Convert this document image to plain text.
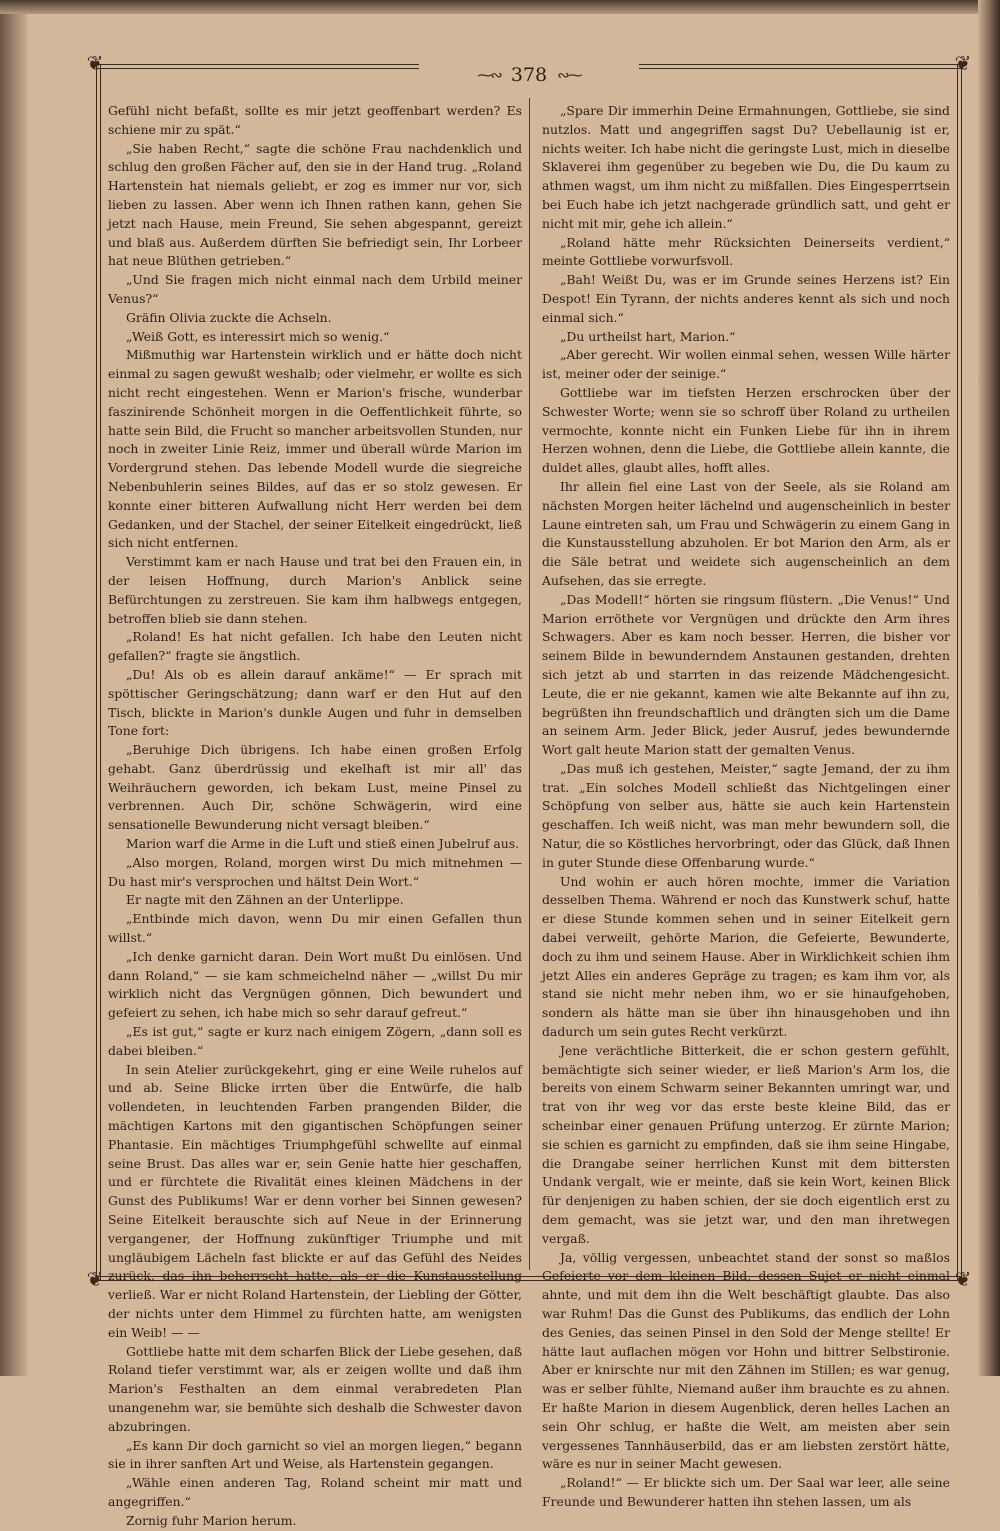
❦	❦
❦	❦
⁓∾ 378 ∾⁓

Gefühl nicht befaßt, sollte es mir jetzt geoffenbart werden? Es schiene mir zu spät.“

„Sie haben Recht,“ sagte die schöne Frau nachdenklich und schlug den großen Fächer auf, den sie in der Hand trug. „Roland Hartenstein hat niemals geliebt, er zog es immer nur vor, sich lieben zu lassen. Aber wenn ich Ihnen rathen kann, gehen Sie jetzt nach Hause, mein Freund, Sie sehen abgespannt, gereizt und blaß aus. Außerdem dürften Sie befriedigt sein, Ihr Lorbeer hat neue Blüthen getrieben.“

„Und Sie fragen mich nicht einmal nach dem Urbild meiner Venus?“

Gräfin Olivia zuckte die Achseln.

„Weiß Gott, es interessirt mich so wenig.“

Mißmuthig war Hartenstein wirklich und er hätte doch nicht einmal zu sagen gewußt weshalb; oder vielmehr, er wollte es sich nicht recht eingestehen. Wenn er Marion's frische, wunderbar faszinirende Schönheit morgen in die Oeffentlichkeit führte, so hatte sein Bild, die Frucht so mancher arbeitsvollen Stunden, nur noch in zweiter Linie Reiz, immer und überall würde Marion im Vordergrund stehen. Das lebende Modell wurde die siegreiche Nebenbuhlerin seines Bildes, auf das er so stolz gewesen. Er konnte einer bitteren Aufwallung nicht Herr werden bei dem Gedanken, und der Stachel, der seiner Eitelkeit eingedrückt, ließ sich nicht entfernen.

Verstimmt kam er nach Hause und trat bei den Frauen ein, in der leisen Hoffnung, durch Marion's Anblick seine Befürchtungen zu zerstreuen. Sie kam ihm halbwegs entgegen, betroffen blieb sie dann stehen.

„Roland! Es hat nicht gefallen. Ich habe den Leuten nicht gefallen?“ fragte sie ängstlich.

„Du! Als ob es allein darauf ankäme!“ — Er sprach mit spöttischer Geringschätzung; dann warf er den Hut auf den Tisch, blickte in Marion's dunkle Augen und fuhr in demselben Tone fort:

„Beruhige Dich übrigens. Ich habe einen großen Erfolg gehabt. Ganz überdrüssig und ekelhaft ist mir all' das Weihräuchern geworden, ich bekam Lust, meine Pinsel zu verbrennen. Auch Dir, schöne Schwägerin, wird eine sensationelle Bewunderung nicht versagt bleiben.“

Marion warf die Arme in die Luft und stieß einen Jubelruf aus.

„Also morgen, Roland, morgen wirst Du mich mitnehmen — Du hast mir's versprochen und hältst Dein Wort.“

Er nagte mit den Zähnen an der Unterlippe.

„Entbinde mich davon, wenn Du mir einen Gefallen thun willst.“

„Ich denke garnicht daran. Dein Wort mußt Du einlösen. Und dann Roland,“ — sie kam schmeichelnd näher — „willst Du mir wirklich nicht das Vergnügen gönnen, Dich bewundert und gefeiert zu sehen, ich habe mich so sehr darauf gefreut.“

„Es ist gut,“ sagte er kurz nach einigem Zögern, „dann soll es dabei bleiben.“

In sein Atelier zurückgekehrt, ging er eine Weile ruhelos auf und ab. Seine Blicke irrten über die Entwürfe, die halb vollendeten, in leuchtenden Farben prangenden Bilder, die mächtigen Kartons mit den gigantischen Schöpfungen seiner Phantasie. Ein mächtiges Triumphgefühl schwellte auf einmal seine Brust. Das alles war er, sein Genie hatte hier geschaffen, und er fürchtete die Rivalität eines kleinen Mädchens in der Gunst des Publikums! War er denn vorher bei Sinnen gewesen? Seine Eitelkeit berauschte sich auf Neue in der Erinnerung vergangener, der Hoffnung zukünftiger Triumphe und mit ungläubigem Lächeln fast blickte er auf das Gefühl des Neides zurück, das ihn beherrscht hatte, als er die Kunstausstellung verließ. War er nicht Roland Hartenstein, der Liebling der Götter, der nichts unter dem Himmel zu fürchten hatte, am wenigsten ein Weib! — —

Gottliebe hatte mit dem scharfen Blick der Liebe gesehen, daß Roland tiefer verstimmt war, als er zeigen wollte und daß ihm Marion's Festhalten an dem einmal verabredeten Plan unangenehm war, sie bemühte sich deshalb die Schwester davon abzubringen.

„Es kann Dir doch garnicht so viel an morgen liegen,“ begann sie in ihrer sanften Art und Weise, als Hartenstein gegangen.

„Wähle einen anderen Tag, Roland scheint mir matt und angegriffen.“

Zornig fuhr Marion herum.

„Spare Dir immerhin Deine Ermahnungen, Gottliebe, sie sind nutzlos. Matt und angegriffen sagst Du? Uebellaunig ist er, nichts weiter. Ich habe nicht die geringste Lust, mich in dieselbe Sklaverei ihm gegenüber zu begeben wie Du, die Du kaum zu athmen wagst, um ihm nicht zu mißfallen. Dies Eingesperrtsein bei Euch habe ich jetzt nachgerade gründlich satt, und geht er nicht mit mir, gehe ich allein.“

„Roland hätte mehr Rücksichten Deinerseits verdient,“ meinte Gottliebe vorwurfsvoll.

„Bah! Weißt Du, was er im Grunde seines Herzens ist? Ein Despot! Ein Tyrann, der nichts anderes kennt als sich und noch einmal sich.“

„Du urtheilst hart, Marion.“

„Aber gerecht. Wir wollen einmal sehen, wessen Wille härter ist, meiner oder der seinige.“

Gottliebe war im tiefsten Herzen erschrocken über der Schwester Worte; wenn sie so schroff über Roland zu urtheilen vermochte, konnte nicht ein Funken Liebe für ihn in ihrem Herzen wohnen, denn die Liebe, die Gottliebe allein kannte, die duldet alles, glaubt alles, hofft alles.

Ihr allein fiel eine Last von der Seele, als sie Roland am nächsten Morgen heiter lächelnd und augenscheinlich in bester Laune eintreten sah, um Frau und Schwägerin zu einem Gang in die Kunstausstellung abzuholen. Er bot Marion den Arm, als er die Säle betrat und weidete sich augenscheinlich an dem Aufsehen, das sie erregte.

„Das Modell!“ hörten sie ringsum flüstern. „Die Venus!“ Und Marion erröthete vor Vergnügen und drückte den Arm ihres Schwagers. Aber es kam noch besser. Herren, die bisher vor seinem Bilde in bewunderndem Anstaunen gestanden, drehten sich jetzt ab und starrten in das reizende Mädchengesicht. Leute, die er nie gekannt, kamen wie alte Bekannte auf ihn zu, begrüßten ihn freundschaftlich und drängten sich um die Dame an seinem Arm. Jeder Blick, jeder Ausruf, jedes bewundernde Wort galt heute Marion statt der gemalten Venus.

„Das muß ich gestehen, Meister,“ sagte Jemand, der zu ihm trat. „Ein solches Modell schließt das Nichtgelingen einer Schöpfung von selber aus, hätte sie auch kein Hartenstein geschaffen. Ich weiß nicht, was man mehr bewundern soll, die Natur, die so Köstliches hervorbringt, oder das Glück, daß Ihnen in guter Stunde diese Offenbarung wurde.“

Und wohin er auch hören mochte, immer die Variation desselben Thema. Während er noch das Kunstwerk schuf, hatte er diese Stunde kommen sehen und in seiner Eitelkeit gern dabei verweilt, gehörte Marion, die Gefeierte, Bewunderte, doch zu ihm und seinem Hause. Aber in Wirklichkeit schien ihm jetzt Alles ein anderes Gepräge zu tragen; es kam ihm vor, als stand sie nicht mehr neben ihm, wo er sie hinaufgehoben, sondern als hätte man sie über ihn hinausgehoben und ihn dadurch um sein gutes Recht verkürzt.

Jene verächtliche Bitterkeit, die er schon gestern gefühlt, bemächtigte sich seiner wieder, er ließ Marion's Arm los, die bereits von einem Schwarm seiner Bekannten umringt war, und trat von ihr weg vor das erste beste kleine Bild, das er scheinbar einer genauen Prüfung unterzog. Er zürnte Marion; sie schien es garnicht zu empfinden, daß sie ihm seine Hingabe, die Drangabe seiner herrlichen Kunst mit dem bittersten Undank vergalt, wie er meinte, daß sie kein Wort, keinen Blick für denjenigen zu haben schien, der sie doch eigentlich erst zu dem gemacht, was sie jetzt war, und den man ihretwegen vergaß.

Ja, völlig vergessen, unbeachtet stand der sonst so maßlos Gefeierte vor dem kleinen Bild, dessen Sujet er nicht einmal ahnte, und mit dem ihn die Welt beschäftigt glaubte. Das also war Ruhm! Das die Gunst des Publikums, das endlich der Lohn des Genies, das seinen Pinsel in den Sold der Menge stellte! Er hätte laut auflachen mögen vor Hohn und bittrer Selbstironie. Aber er knirschte nur mit den Zähnen im Stillen; es war genug, was er selber fühlte, Niemand außer ihm brauchte es zu ahnen. Er haßte Marion in diesem Augenblick, deren helles Lachen an sein Ohr schlug, er haßte die Welt, am meisten aber sein vergessenes Tannhäuserbild, das er am liebsten zerstört hätte, wäre es nur in seiner Macht gewesen.

„Roland!“ — Er blickte sich um. Der Saal war leer, alle seine Freunde und Bewunderer hatten ihn stehen lassen, um als
